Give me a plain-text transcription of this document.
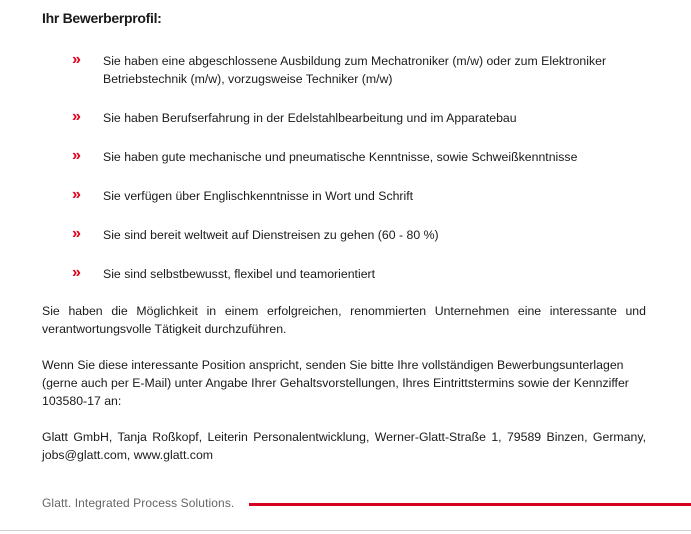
Ihr Bewerberprofil:
» Sie haben eine abgeschlossene Ausbildung zum Mechatroniker (m/w) oder zum Elektroniker Betriebstechnik (m/w), vorzugsweise Techniker (m/w)
» Sie haben Berufserfahrung in der Edelstahlbearbeitung und im Apparatebau
» Sie haben gute mechanische und pneumatische Kenntnisse, sowie Schweißkenntnisse
» Sie verfügen über Englischkenntnisse in Wort und Schrift
» Sie sind bereit weltweit auf Dienstreisen zu gehen (60 - 80 %)
» Sie sind selbstbewusst, flexibel und teamorientiert

Sie haben die Möglichkeit in einem erfolgreichen, renommierten Unternehmen eine interessante und verantwortungsvolle Tätigkeit durchzuführen.

Wenn Sie diese interessante Position anspricht, senden Sie bitte Ihre vollständigen Bewerbungsunterlagen (gerne auch per E-Mail) unter Angabe Ihrer Gehaltsvorstellungen, Ihres Eintrittstermins sowie der Kennziffer 103580-17 an:

Glatt GmbH, Tanja Roßkopf, Leiterin Personalentwicklung, Werner-Glatt-Straße 1, 79589 Binzen, Germany, jobs@glatt.com, www.glatt.com

Glatt. Integrated Process Solutions.
